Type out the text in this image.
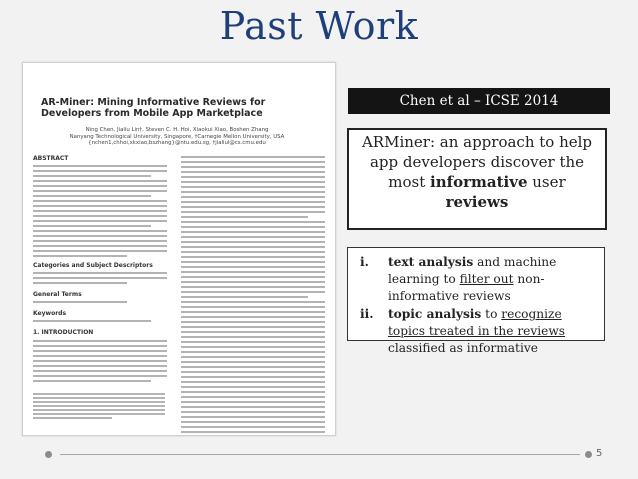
Past Work
AR-Miner: Mining Informative Reviews for Developers from Mobile App Marketplace
Ning Chen, Jialiu Lin†, Steven C. H. Hoi, Xiaokui Xiao, Boshen Zhang
Nanyang Technological University, Singapore, †Carnegie Mellon University, USA
{nchen1,chhoi,xkxiao,bszhang}@ntu.edu.sg, †jialiul@cs.cmu.edu
ABSTRACT
Categories and Subject Descriptors
General Terms
Keywords
1. INTRODUCTION
Chen et al – ICSE 2014
ARMiner: an approach to help
app developers discover the
most informative user
reviews
i. text analysis and machine
learning to filter out non-
informative reviews
ii. topic analysis to recognize
topics treated in the reviews
classified as informative
5
